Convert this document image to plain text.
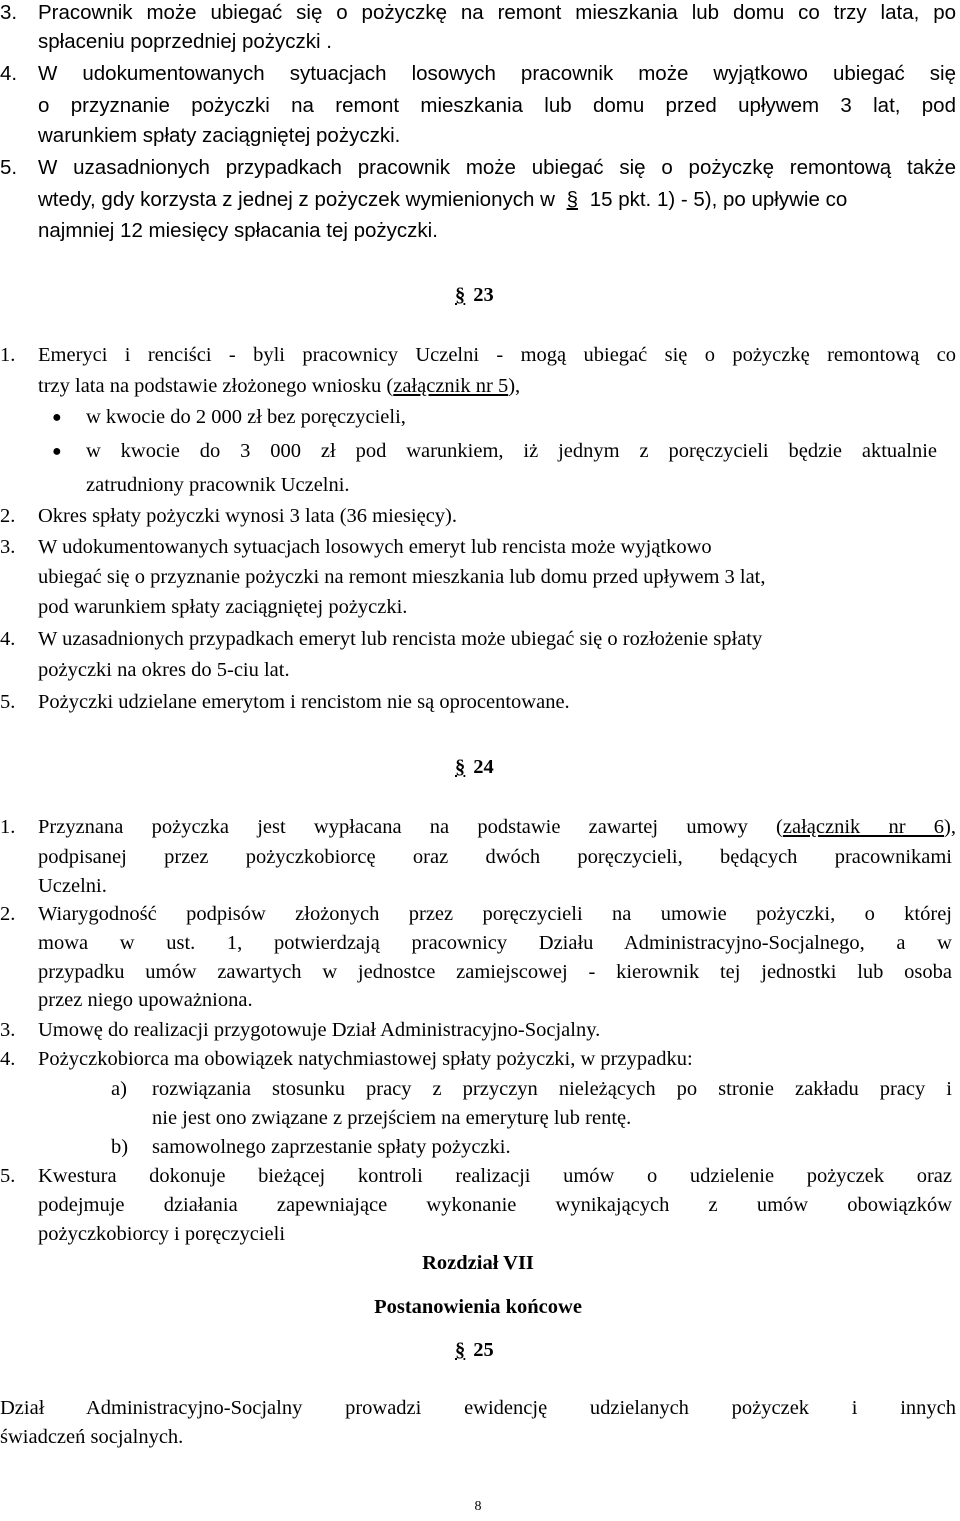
3. Pracownik może ubiegać się o pożyczkę na remont mieszkania lub domu co trzy lata, po
spłaceniu poprzedniej pożyczki .
4. W udokumentowanych sytuacjach losowych pracownik może wyjątkowo ubiegać się
o przyznanie pożyczki na remont mieszkania lub domu przed upływem 3 lat, pod
warunkiem spłaty zaciągniętej pożyczki.
5. W uzasadnionych przypadkach pracownik może ubiegać się o pożyczkę remontową także
wtedy, gdy korzysta z jednej z pożyczek wymienionych w § 15 pkt. 1) - 5), po upływie co
najmniej 12 miesięcy spłacania tej pożyczki.
§ 23
1. Emeryci i renciści - byli pracownicy Uczelni - mogą ubiegać się o pożyczkę remontową co
trzy lata na podstawie złożonego wniosku (załącznik nr 5),
● w kwocie do 2 000 zł bez poręczycieli,
● w kwocie do 3 000 zł pod warunkiem, iż jednym z poręczycieli będzie aktualnie
zatrudniony pracownik Uczelni.
2. Okres spłaty pożyczki wynosi 3 lata (36 miesięcy).
3. W udokumentowanych sytuacjach losowych emeryt lub rencista może wyjątkowo
ubiegać się o przyznanie pożyczki na remont mieszkania lub domu przed upływem 3 lat,
pod warunkiem spłaty zaciągniętej pożyczki.
4. W uzasadnionych przypadkach emeryt lub rencista może ubiegać się o rozłożenie spłaty
pożyczki na okres do 5-ciu lat.
5. Pożyczki udzielane emerytom i rencistom nie są oprocentowane.
§ 24
1. Przyznana pożyczka jest wypłacana na podstawie zawartej umowy (załącznik nr 6),
podpisanej przez pożyczkobiorcę oraz dwóch poręczycieli, będących pracownikami
Uczelni.
2. Wiarygodność podpisów złożonych przez poręczycieli na umowie pożyczki, o której
mowa w ust. 1, potwierdzają pracownicy Działu Administracyjno-Socjalnego, a w
przypadku umów zawartych w jednostce zamiejscowej - kierownik tej jednostki lub osoba
przez niego upoważniona.
3. Umowę do realizacji przygotowuje Dział Administracyjno-Socjalny.
4. Pożyczkobiorca ma obowiązek natychmiastowej spłaty pożyczki, w przypadku:
a) rozwiązania stosunku pracy z przyczyn nieleżących po stronie zakładu pracy i
nie jest ono związane z przejściem na emeryturę lub rentę.
b) samowolnego zaprzestanie spłaty pożyczki.
5. Kwestura dokonuje bieżącej kontroli realizacji umów o udzielenie pożyczek oraz
podejmuje działania zapewniające wykonanie wynikających z umów obowiązków
pożyczkobiorcy i poręczycieli
Rozdział VII
Postanowienia końcowe
§ 25
Dział Administracyjno-Socjalny prowadzi ewidencję udzielanych pożyczek i innych
świadczeń socjalnych.
8
